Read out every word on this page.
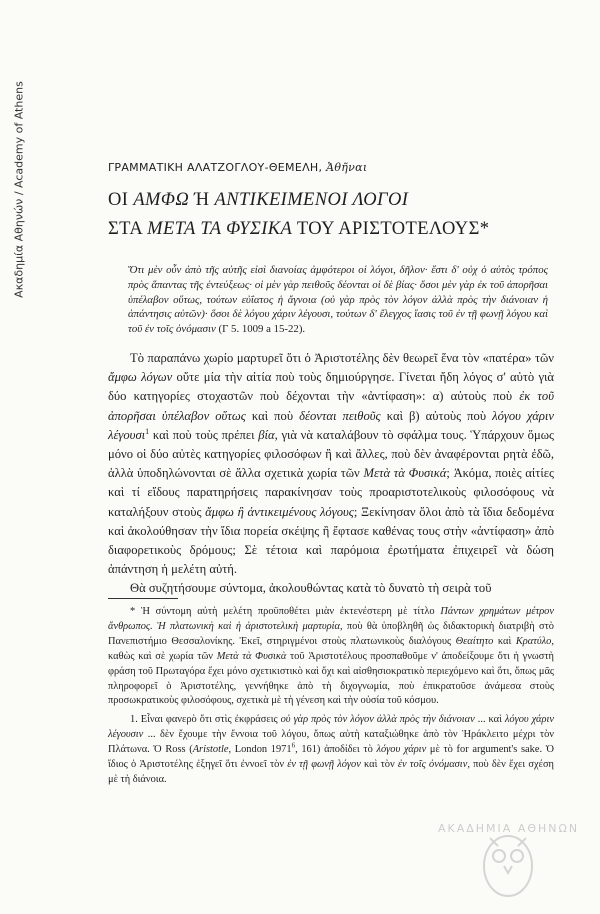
Ακαδημία Αθηνών / Academy of Athens	ΓΡΑΜΜΑΤΙΚΗ ΑΛΑΤΖΟΓΛΟΥ-ΘΕΜΕΛΗ, Ἀθῆναι
ΟΙ ΑΜΦΩ Ή ΑΝΤΙΚΕΙΜΕΝΟΙ ΛΟΓΟΙ
ΣΤΑ ΜΕΤΑ ΤΑ ΦΥΣΙΚΑ ΤΟΥ ΑΡΙΣΤΟΤΕΛΟΥΣ*
Ὅτι μὲν οὖν ἀπὸ τῆς αὐτῆς εἰσὶ διανοίας ἀμφότεροι οἱ λόγοι, δῆλον· ἔστι δ' οὐχ ὁ αὐτὸς τρόπος πρὸς ἅπαντας τῆς ἐντεύξεως· οἱ μὲν γὰρ πειθοῦς δέονται οἱ δὲ βίας· ὅσοι μὲν γὰρ ἐκ τοῦ ἀπορῆσαι ὑπέλαβον οὕτως, τούτων εὐΐατος ἡ ἄγνοια (οὐ γὰρ πρὸς τὸν λόγον ἀλλὰ πρὸς τὴν διάνοιαν ἡ ἀπάντησις αὐτῶν)· ὅσοι δὲ λόγου χάριν λέγουσι, τούτων δ' ἔλεγχος ἴασις τοῦ ἐν τῇ φωνῇ λόγου καὶ τοῦ ἐν τοῖς ὀνόμασιν (Γ 5. 1009 a 15-22).

Τὸ παραπάνω χωρίο μαρτυρεῖ ὅτι ὁ Ἀριστοτέλης δὲν θεωρεῖ ἕνα τὸν «πατέρα» τῶν ἄμφω λόγων οὔτε μία τὴν αἰτία ποὺ τοὺς δημιούργησε. Γίνεται ἤδη λόγος σ' αὐτὸ γιὰ δύο κατηγορίες στοχαστῶν ποὺ δέχονται τὴν «ἀντίφαση»: α) αὐτοὺς ποὺ ἐκ τοῦ ἀπορῆσαι ὑπέλαβον οὕτως καὶ ποὺ δέονται πειθοῦς καὶ β) αὐτοὺς ποὺ λόγου χάριν λέγουσι$^1$ καὶ ποὺ τοὺς πρέπει βία, γιὰ νὰ καταλάβουν τὸ σφάλμα τους. Ὑπάρχουν ὅμως μόνο οἱ δύο αὐτὲς κατηγορίες φιλοσόφων ἢ καὶ ἄλλες, ποὺ δὲν ἀναφέρονται ρητὰ ἐδῶ, ἀλλὰ ὑποδηλώνονται σὲ ἄλλα σχετικὰ χωρία τῶν Μετὰ τὰ Φυσικά; Ἀκόμα, ποιὲς αἰτίες καὶ τί εἴδους παρατηρήσεις παρακίνησαν τοὺς προαριστοτελικοὺς φιλοσόφους νὰ καταλήξουν στοὺς ἄμφω ἢ ἀντικειμένους λόγους; Ξεκίνησαν ὅλοι ἀπὸ τὰ ἴδια δεδομένα καὶ ἀκολούθησαν τὴν ἴδια πορεία σκέψης ἢ ἔφτασε καθένας τους στὴν «ἀντίφαση» ἀπὸ διαφορετικοὺς δρόμους; Σὲ τέτοια καὶ παρόμοια ἐρωτήματα ἐπιχειρεῖ νὰ δώση ἀπάντηση ἡ μελέτη αὐτή.

Θὰ συζητήσουμε σύντομα, ἀκολουθώντας κατὰ τὸ δυνατὸ τὴ σειρὰ τοῦ

* Ἡ σύντομη αὐτὴ μελέτη προϋποθέτει μιὰν ἐκτενέστερη μὲ τίτλο Πάντων χρημάτων μέτρον ἄνθρωπος. Ἡ πλατωνικὴ καὶ ἡ ἀριστοτελικὴ μαρτυρία, ποὺ θὰ ὑποβληθῆ ὡς διδακτορικὴ διατριβὴ στὸ Πανεπιστήμιο Θεσσαλονίκης. Ἐκεῖ, στηριγμένοι στοὺς πλατωνικοὺς διαλόγους Θεαίτητο καὶ Κρατύλο, καθὼς καὶ σὲ χωρία τῶν Μετὰ τὰ Φυσικὰ τοῦ Ἀριστοτέλους προσπαθοῦμε ν' ἀποδείξουμε ὅτι ἡ γνωστὴ φράση τοῦ Πρωταγόρα ἔχει μόνο σχετικιστικὸ καὶ ὄχι καὶ αἰσθησιοκρατικὸ περιεχόμενο καὶ ὅτι, ὅπως μᾶς πληροφορεῖ ὁ Ἀριστοτέλης, γεννήθηκε ἀπὸ τὴ διχογνωμία, ποὺ ἐπικρατοῦσε ἀνάμεσα στοὺς προσωκρατικοὺς φιλοσόφους, σχετικὰ μὲ τὴ γένεση καὶ τὴν οὐσία τοῦ κόσμου.

1. Εἶναι φανερὸ ὅτι στὶς ἐκφράσεις οὐ γὰρ πρὸς τὸν λόγον ἀλλὰ πρὸς τὴν διάνοιαν ... καὶ λόγου χάριν λέγουσιν ... δὲν ἔχουμε τὴν ἔννοια τοῦ λόγου, ὅπως αὐτὴ καταξιώθηκε ἀπὸ τὸν Ἡράκλειτο μέχρι τὸν Πλάτωνα. Ὁ Ross (Aristotle, London 1971$^6$, 161) ἀποδίδει τὸ λόγου χάριν μὲ τὸ for argument's sake. Ὁ ἴδιος ὁ Ἀριστοτέλης ἐξηγεῖ ὅτι ἐννοεῖ τὸν ἐν τῇ φωνῇ λόγον καὶ τὸν ἐν τοῖς ὀνόμασιν, ποὺ δὲν ἔχει σχέση μὲ τὴ διάνοια.

ΑΚΑΔΗΜΙΑ ΑΘΗΝΩΝ
